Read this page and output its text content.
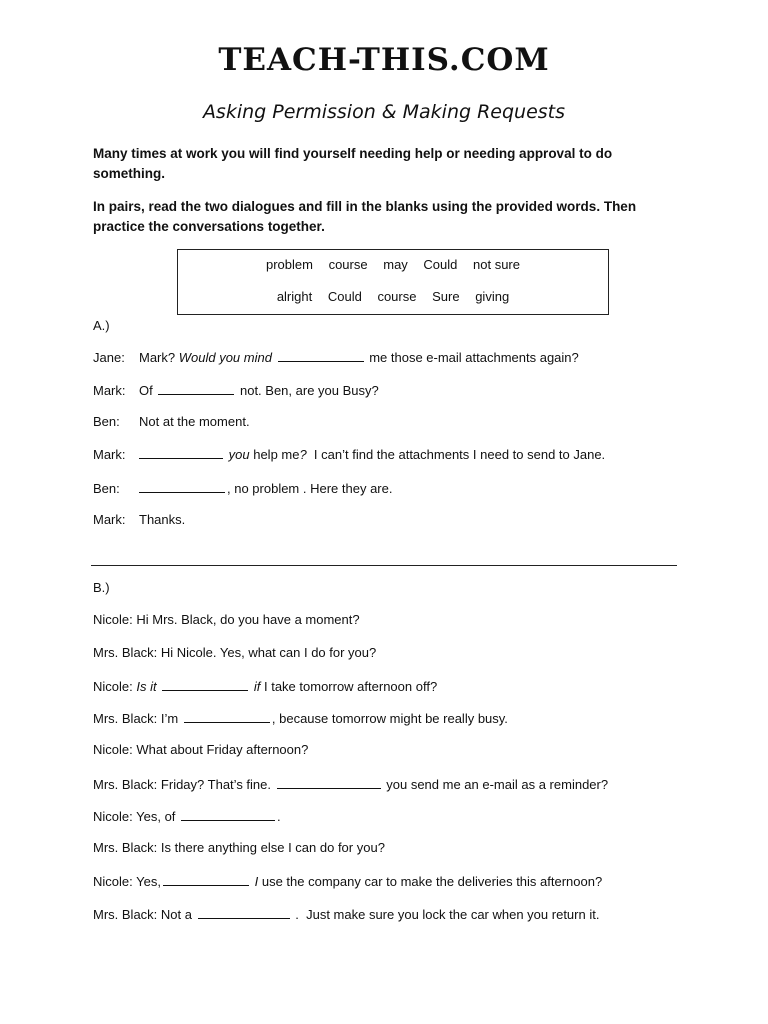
TEACH-THIS.COM
Asking Permission & Making Requests
Many times at work you will find yourself needing help or needing approval to do something.
In pairs, read the two dialogues and fill in the blanks using the provided words. Then practice the conversations together.
problem course may Could not sure
alright Could course Sure giving
A.)
Jane: Mark? Would you mind	me those e-mail attachments again?
Mark: Of	not. Ben, are you Busy?
Ben: Not at the moment.
Mark:	you help me?  I can’t find the attachments I need to send to Jane.
Ben:	, no problem . Here they are.
Mark: Thanks.
B.)
Nicole: Hi Mrs. Black, do you have a moment?
Mrs. Black: Hi Nicole. Yes, what can I do for you?
Nicole: Is it	if I take tomorrow afternoon off?
Mrs. Black: I’m	, because tomorrow might be really busy.
Nicole: What about Friday afternoon?
Mrs. Black: Friday? That’s fine.	you send me an e-mail as a reminder?
Nicole: Yes, of	.
Mrs. Black: Is there anything else I can do for you?
Nicole: Yes,	I use the company car to make the deliveries this afternoon?
Mrs. Black: Not a	.  Just make sure you lock the car when you return it.
